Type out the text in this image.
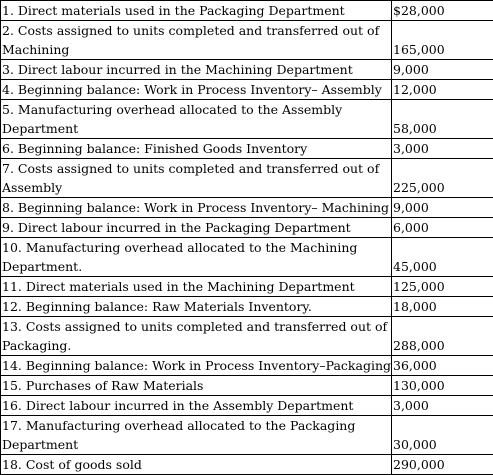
1. Direct materials used in the Packaging Department	$28,000

2. Costs assigned to units completed and transferred out of
Machining	165,000

3. Direct labour incurred in the Machining Department	9,000

4. Beginning balance: Work in Process Inventory– Assembly	12,000

5. Manufacturing overhead allocated to the Assembly
Department	58,000

6. Beginning balance: Finished Goods Inventory	3,000

7. Costs assigned to units completed and transferred out of
Assembly	225,000

8. Beginning balance: Work in Process Inventory– Machining	9,000

9. Direct labour incurred in the Packaging Department	6,000

10. Manufacturing overhead allocated to the Machining
Department.	45,000

11. Direct materials used in the Machining Department	125,000

12. Beginning balance: Raw Materials Inventory.	18,000

13. Costs assigned to units completed and transferred out of
Packaging.	288,000

14. Beginning balance: Work in Process Inventory–Packaging	36,000

15. Purchases of Raw Materials	130,000

16. Direct labour incurred in the Assembly Department	3,000

17. Manufacturing overhead allocated to the Packaging
Department	30,000

18. Cost of goods sold	290,000
